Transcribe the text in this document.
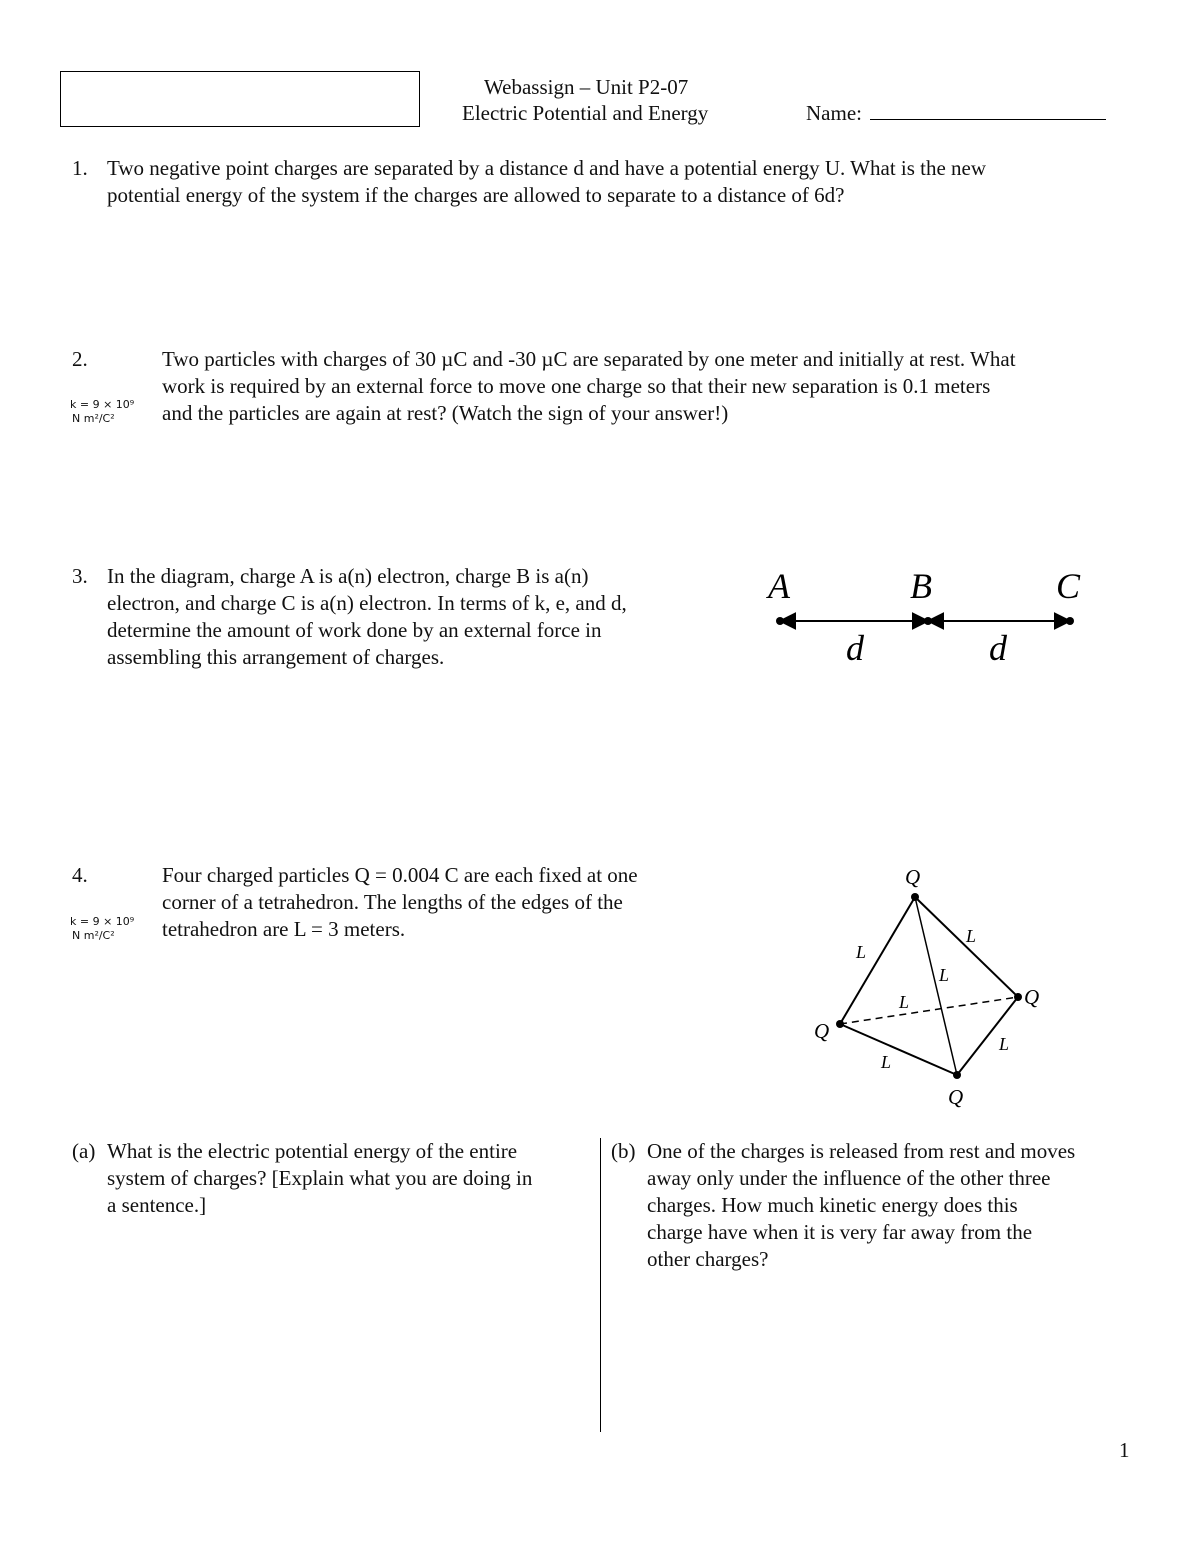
Webassign – Unit P2-07
Electric Potential and Energy	Name:
1. Two negative point charges are separated by a distance d and have a potential energy U. What is the new
potential energy of the system if the charges are allowed to separate to a distance of 6d?
2.
k = 9 × 10⁹
N m²/C²
Two particles with charges of 30 µC and -30 µC are separated by one meter and initially at rest. What
work is required by an external force to move one charge so that their new separation is 0.1 meters
and the particles are again at rest? (Watch the sign of your answer!)
3. In the diagram, charge A is a(n) electron, charge B is a(n)
electron, and charge C is a(n) electron. In terms of k, e, and d,
determine the amount of work done by an external force in
assembling this arrangement of charges.
A	B	C
d	d
4.
k = 9 × 10⁹
N m²/C²
Four charged particles Q = 0.004 C are each fixed at one
corner of a tetrahedron. The lengths of the edges of the
tetrahedron are L = 3 meters.
Q
Q
Q
Q
L
L
L
L
L
L
(a) What is the electric potential energy of the entire
system of charges? [Explain what you are doing in
a sentence.]
(b) One of the charges is released from rest and moves
away only under the influence of the other three
charges. How much kinetic energy does this
charge have when it is very far away from the
other charges?
1
